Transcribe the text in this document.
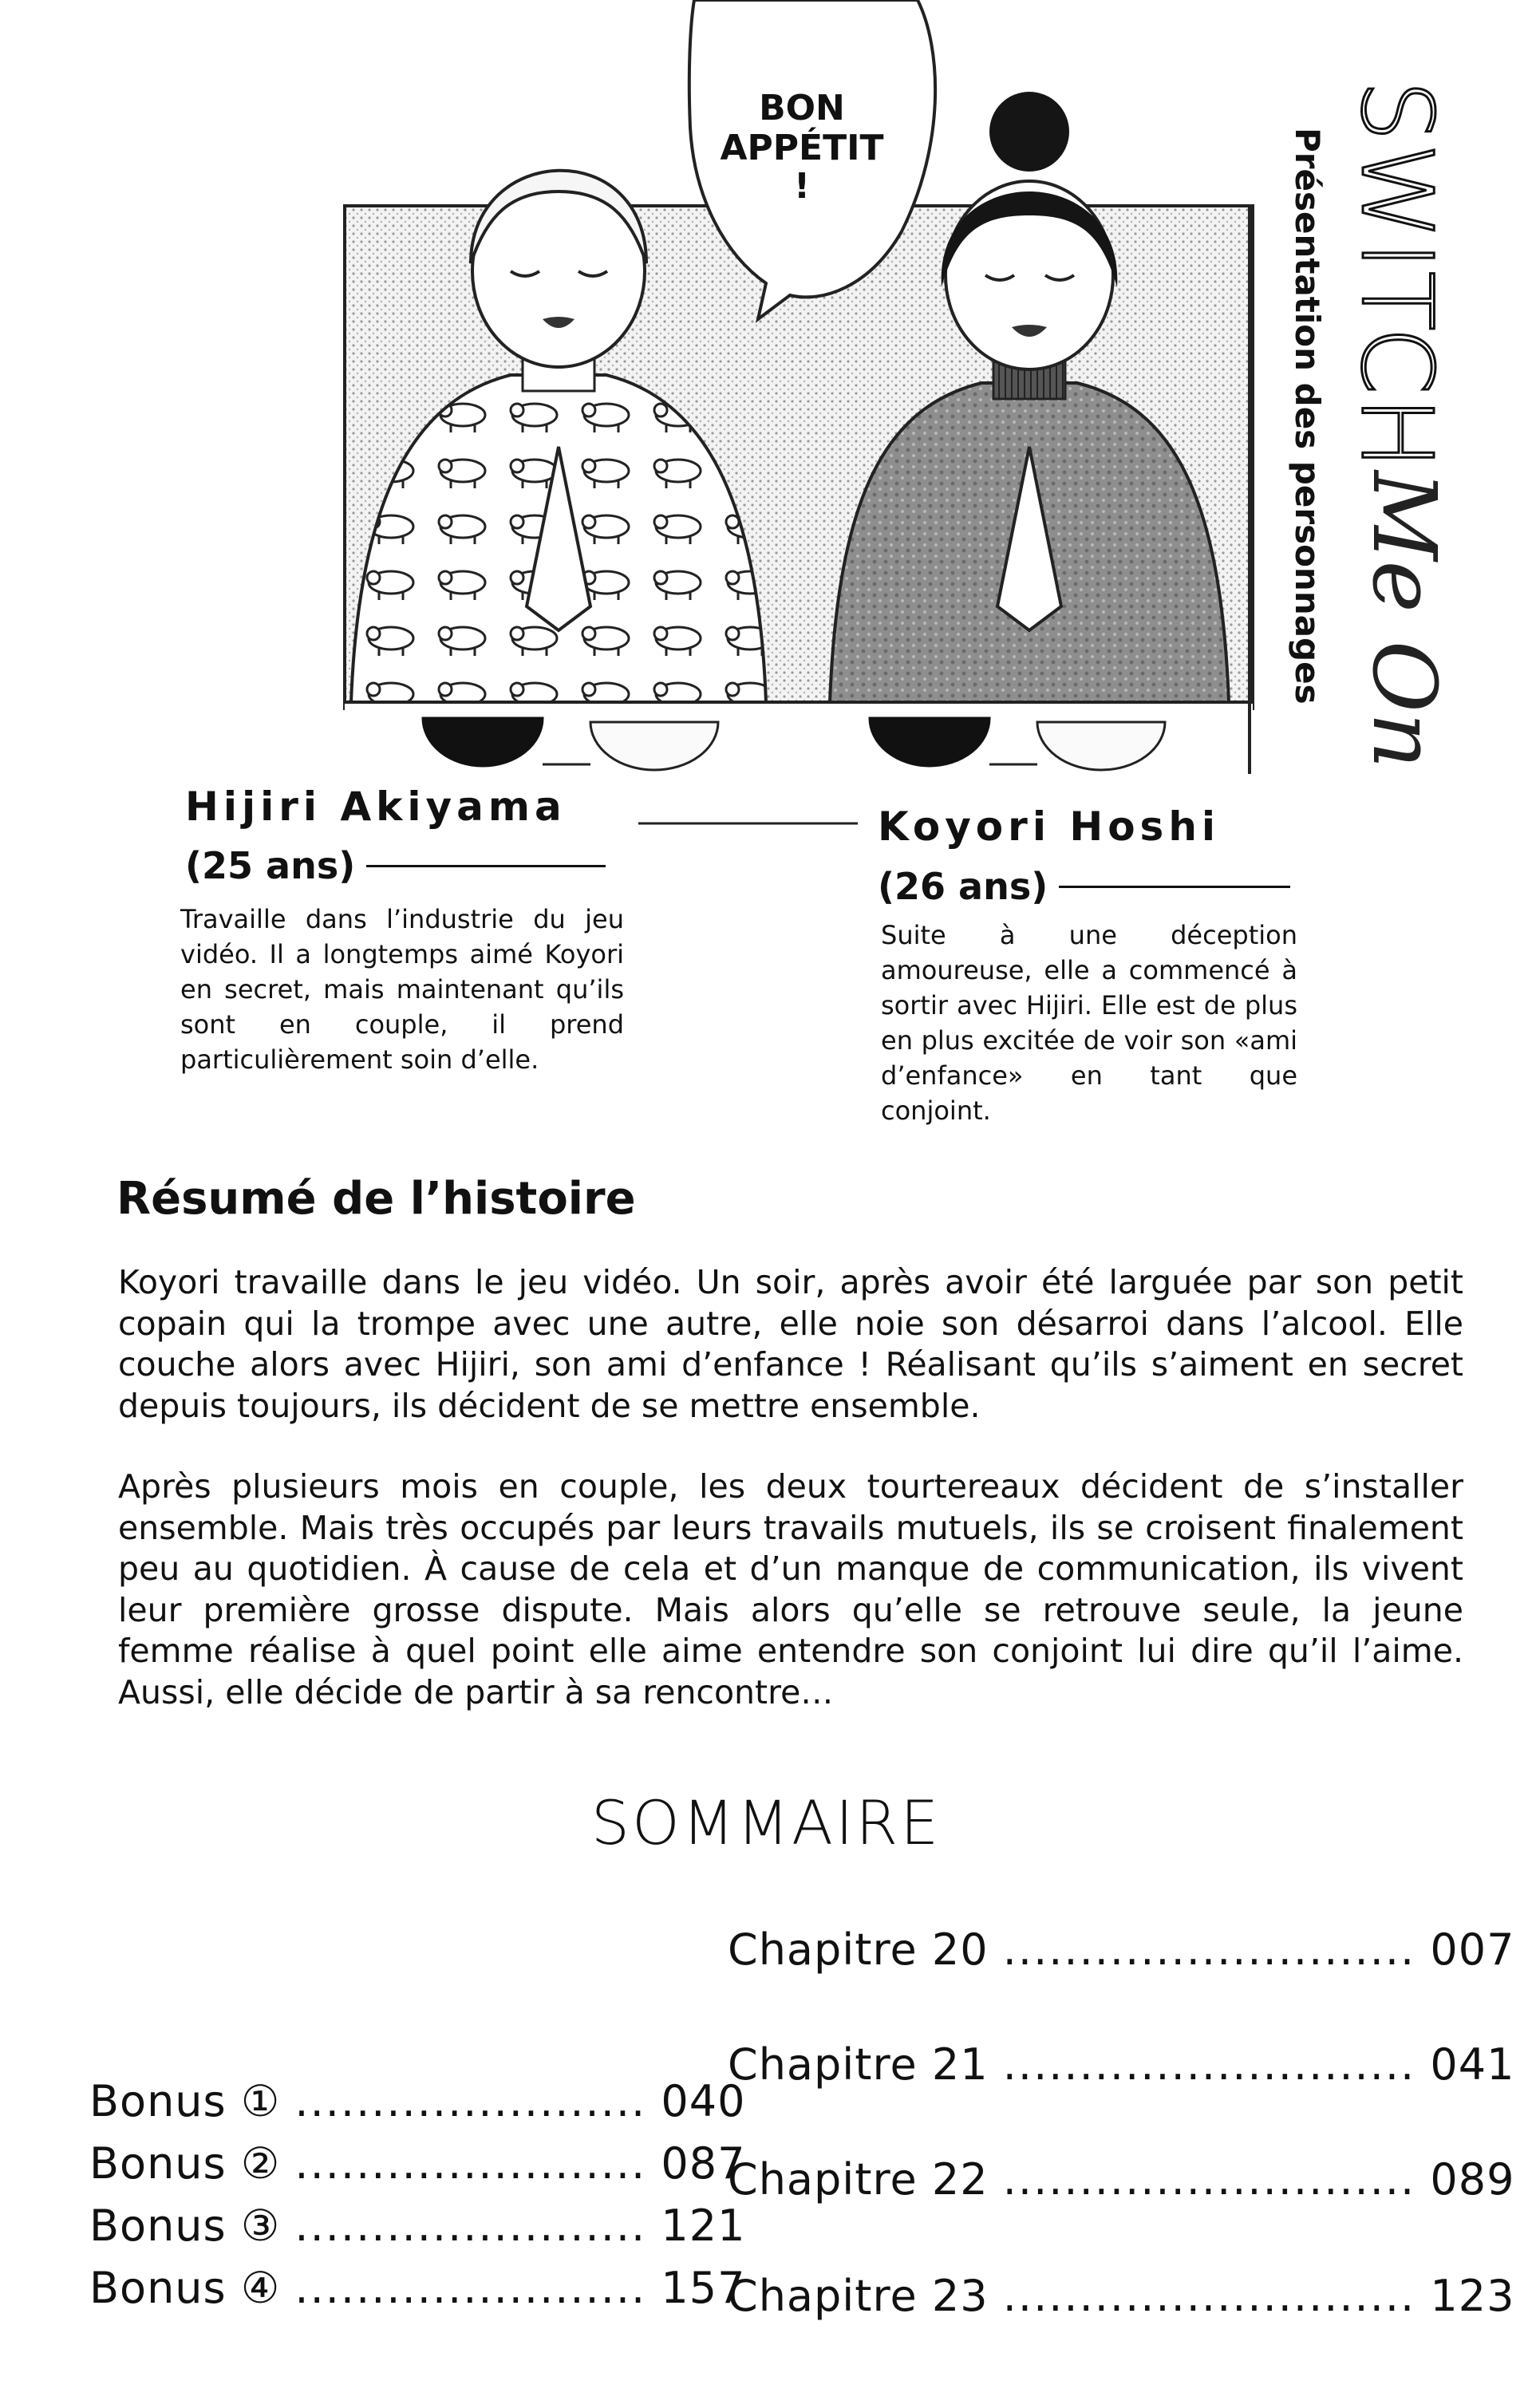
BON
APPÉTIT
!	SWITCH
Présentation des personnages Me On
Hijiri Akiyama
(25 ans)
Travaille dans l’industrie du jeu vidéo. Il a longtemps aimé Koyori en secret, mais maintenant qu’ils sont en couple, il prend particulièrement soin d’elle.
Koyori Hoshi
(26 ans)
Suite à une déception amoureuse, elle a commencé à sortir avec Hijiri. Elle est de plus en plus excitée de voir son «ami d’enfance» en tant que conjoint.
Résumé de l’histoire
Koyori travaille dans le jeu vidéo. Un soir, après avoir été larguée par son petit copain qui la trompe avec une autre, elle noie son désarroi dans l’alcool. Elle couche alors avec Hijiri, son ami d’enfance ! Réalisant qu’ils s’aiment en secret depuis toujours, ils décident de se mettre ensemble.
Après plusieurs mois en couple, les deux tourtereaux décident de s’installer ensemble. Mais très occupés par leurs travails mutuels, ils se croisent finalement peu au quotidien. À cause de cela et d’un manque de communication, ils vivent leur première grosse dispute. Mais alors qu’elle se retrouve seule, la jeune femme réalise à quel point elle aime entendre son conjoint lui dire qu’il l’aime. Aussi, elle décide de partir à sa rencontre…
SOMMAIRE
Chapitre 20 ........................... 007
Chapitre 21 ........................... 041
Chapitre 22 ........................... 089
Chapitre 23 ........................... 123
Bonus ① ....................... 040
Bonus ② ....................... 087
Bonus ③ ....................... 121
Bonus ④ ....................... 157
